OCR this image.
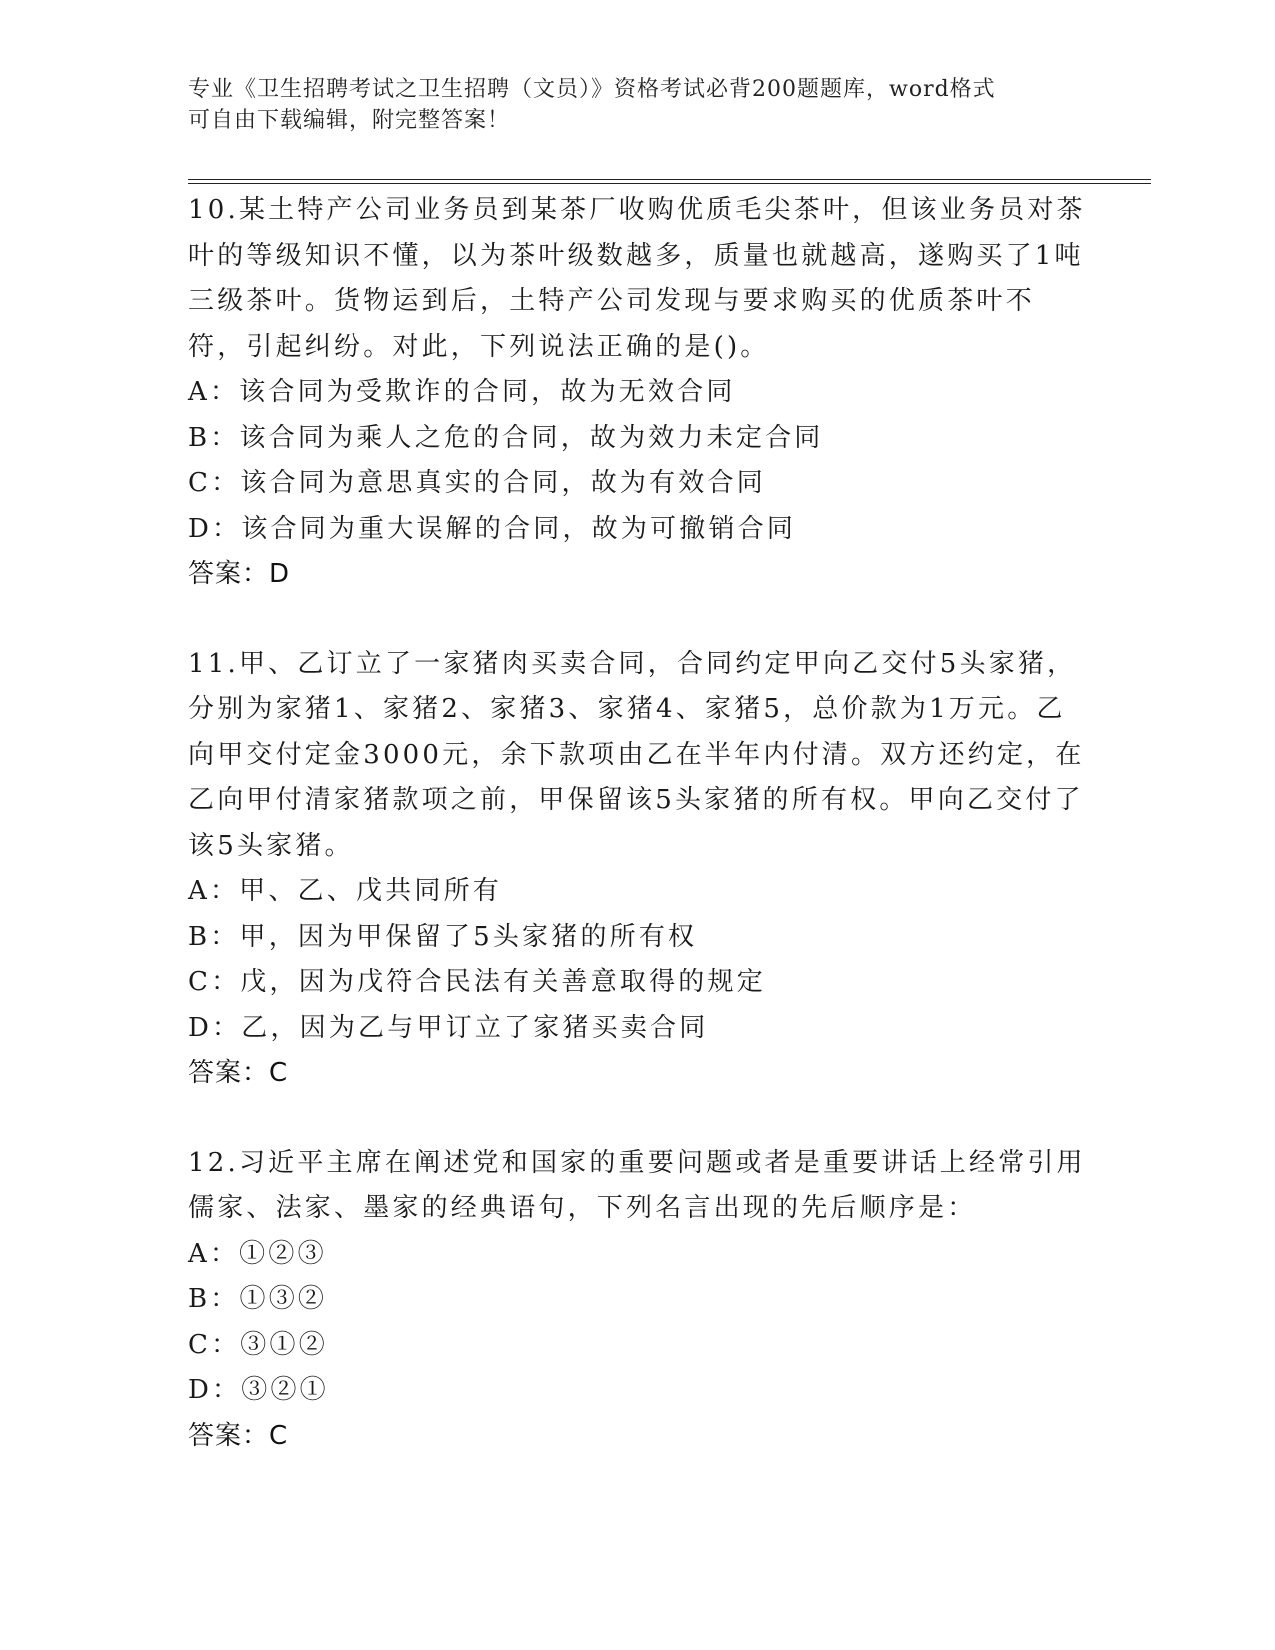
专业《卫生招聘考试之卫生招聘（文员）》资格考试必背200题题库，word格式
可自由下载编辑，附完整答案！
10.某土特产公司业务员到某茶厂收购优质毛尖茶叶，但该业务员对茶叶的等级知识不懂，以为茶叶级数越多，质量也就越高，遂购买了1吨三级茶叶。货物运到后，土特产公司发现与要求购买的优质茶叶不符，引起纠纷。对此，下列说法正确的是()。
A：该合同为受欺诈的合同，故为无效合同
B：该合同为乘人之危的合同，故为效力未定合同
C：该合同为意思真实的合同，故为有效合同
D：该合同为重大误解的合同，故为可撤销合同
答案：D
11.甲、乙订立了一家猪肉买卖合同，合同约定甲向乙交付5头家猪，分别为家猪1、家猪2、家猪3、家猪4、家猪5，总价款为1万元。乙向甲交付定金3000元，余下款项由乙在半年内付清。双方还约定，在乙向甲付清家猪款项之前，甲保留该5头家猪的所有权。甲向乙交付了该5头家猪。
A：甲、乙、戊共同所有
B：甲，因为甲保留了5头家猪的所有权
C：戊，因为戊符合民法有关善意取得的规定
D：乙，因为乙与甲订立了家猪买卖合同
答案：C
12.习近平主席在阐述党和国家的重要问题或者是重要讲话上经常引用儒家、法家、墨家的经典语句，下列名言出现的先后顺序是：
A：①②③
B：①③②
C：③①②
D：③②①
答案：C
